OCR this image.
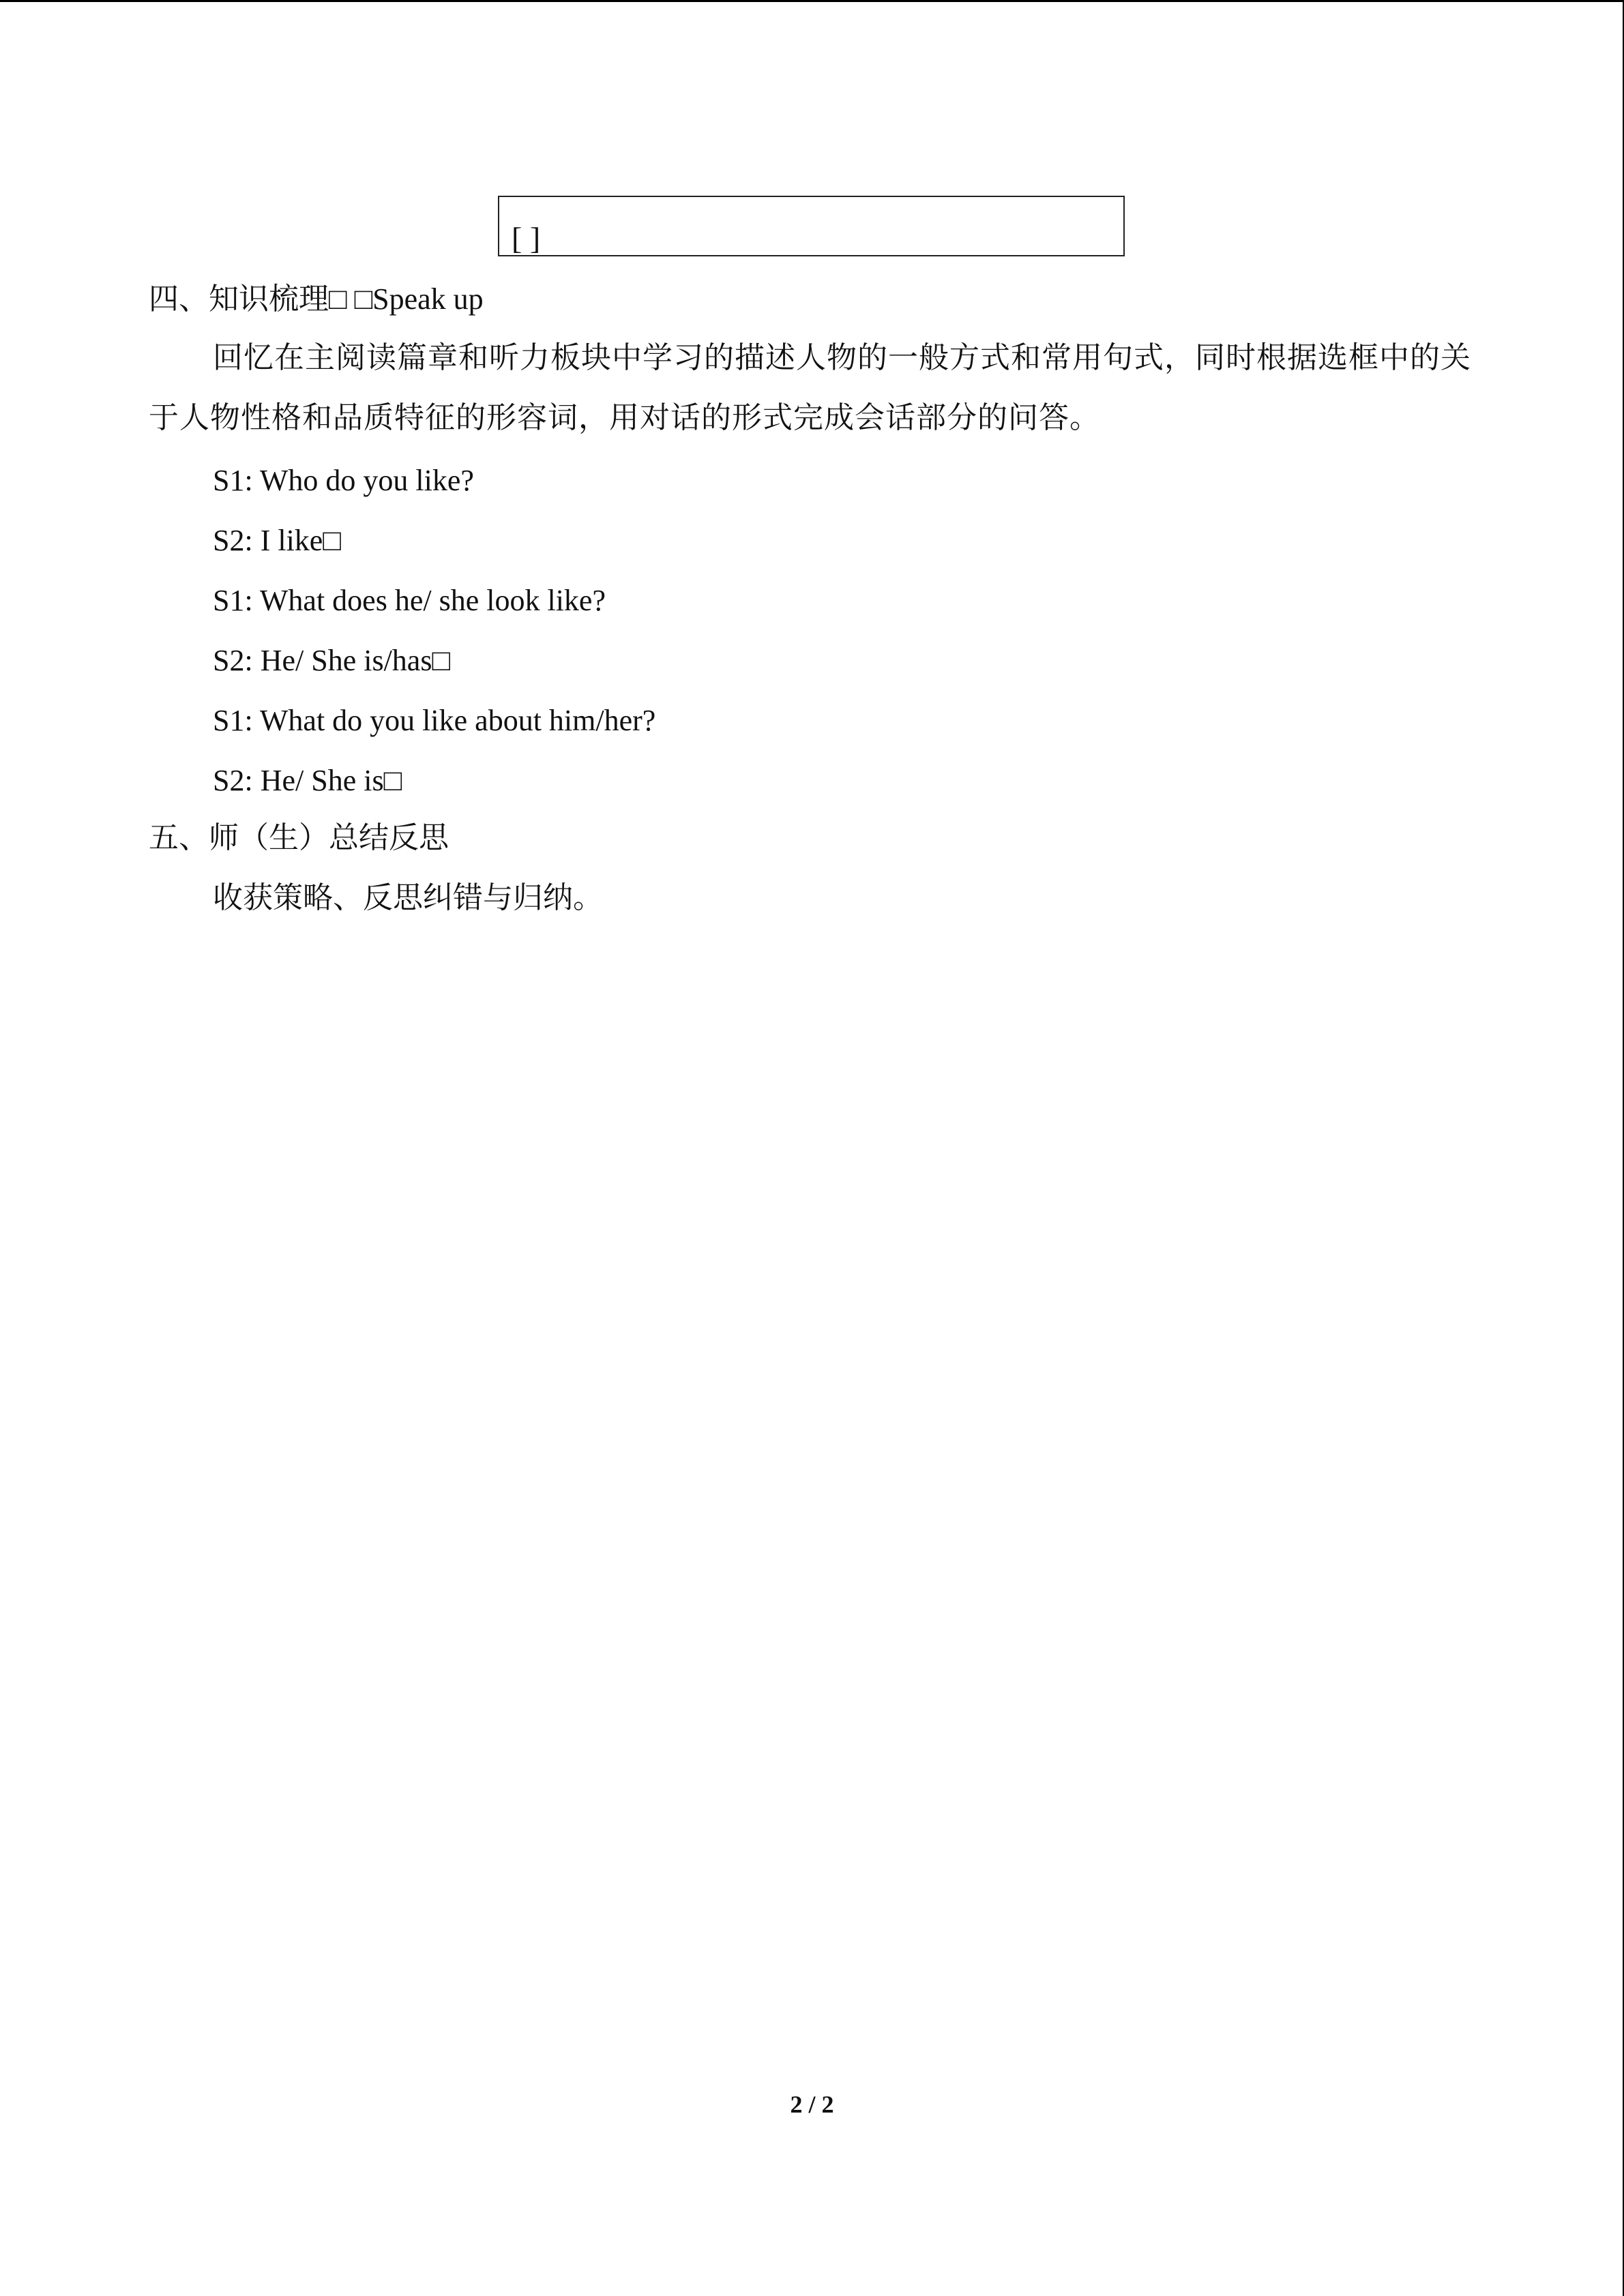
[ ]
四、知识梳理□ □Speak up
回忆在主阅读篇章和听力板块中学习的描述人物的一般方式和常用句式，同时根据选框中的关于人物性格和品质特征的形容词，用对话的形式完成会话部分的问答。
S1: Who do you like?
S2: I like□
S1: What does he/ she look like?
S2: He/ She is/has□
S1: What do you like about him/her?
S2: He/ She is□
五、师（生）总结反思
收获策略、反思纠错与归纳。
2 / 2
